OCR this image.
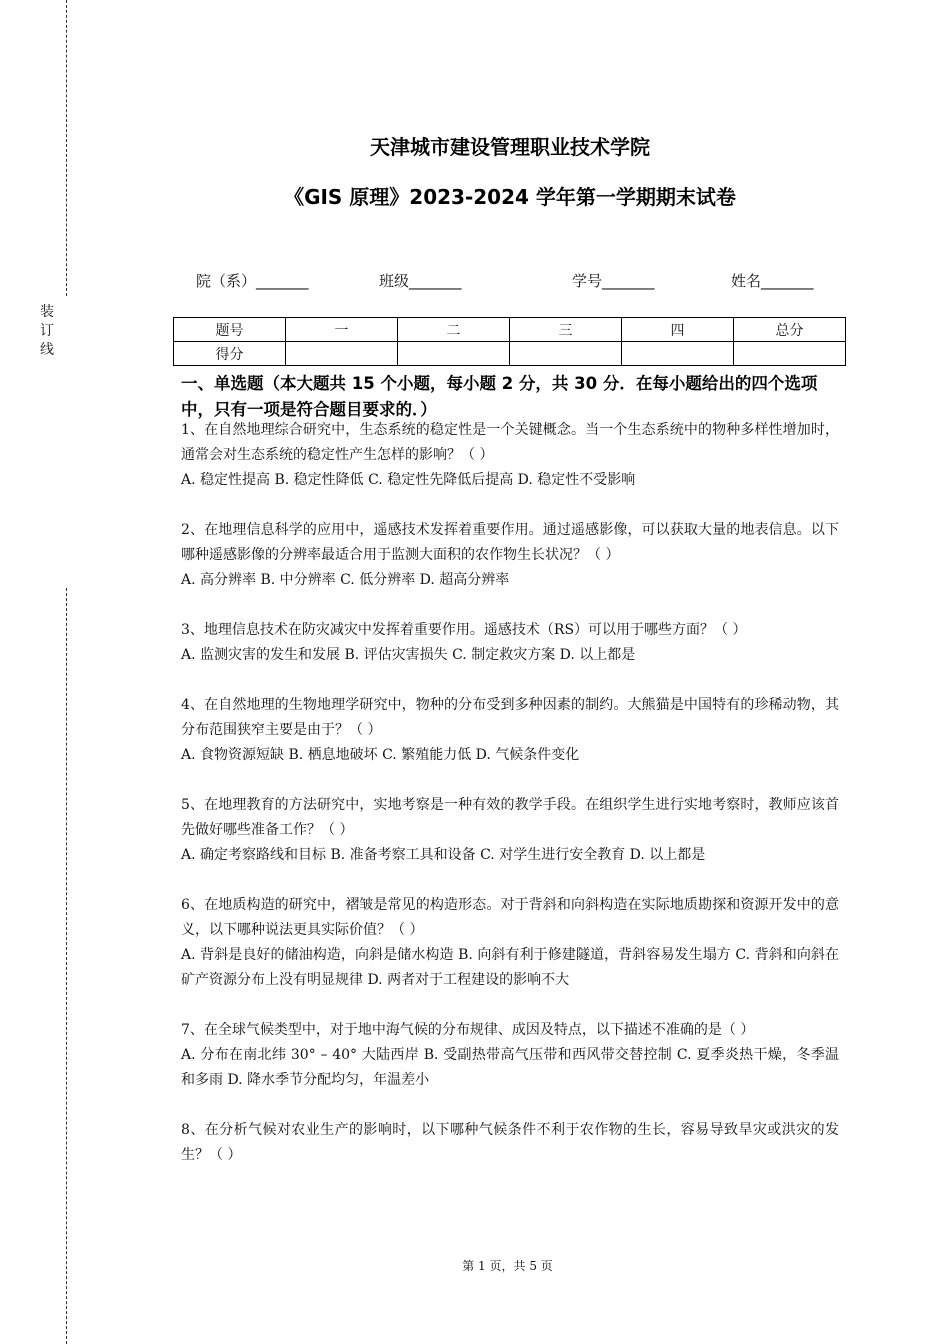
装
订
线
天津城市建设管理职业技术学院
《GIS 原理》2023-2024 学年第一学期期末试卷
院（系）_______	班级_______	学号_______	姓名_______
题号	一	二	三	四	总分
得分					
一、单选题（本大题共 15 个小题，每小题 2 分，共 30 分．在每小题给出的四个选项中，只有一项是符合题目要求的．）

1、在自然地理综合研究中，生态系统的稳定性是一个关键概念。当一个生态系统中的物种多样性增加时，通常会对生态系统的稳定性产生怎样的影响？（ ）

A. 稳定性提高 B. 稳定性降低 C. 稳定性先降低后提高 D. 稳定性不受影响

2、在地理信息科学的应用中，遥感技术发挥着重要作用。通过遥感影像，可以获取大量的地表信息。以下哪种遥感影像的分辨率最适合用于监测大面积的农作物生长状况？（ ）

A. 高分辨率 B. 中分辨率 C. 低分辨率 D. 超高分辨率

3、地理信息技术在防灾减灾中发挥着重要作用。遥感技术（RS）可以用于哪些方面？（ ）

A. 监测灾害的发生和发展 B. 评估灾害损失 C. 制定救灾方案 D. 以上都是

4、在自然地理的生物地理学研究中，物种的分布受到多种因素的制约。大熊猫是中国特有的珍稀动物，其分布范围狭窄主要是由于？（ ）

A. 食物资源短缺 B. 栖息地破坏 C. 繁殖能力低 D. 气候条件变化

5、在地理教育的方法研究中，实地考察是一种有效的教学手段。在组织学生进行实地考察时，教师应该首先做好哪些准备工作？（ ）

A. 确定考察路线和目标 B. 准备考察工具和设备 C. 对学生进行安全教育 D. 以上都是

6、在地质构造的研究中，褶皱是常见的构造形态。对于背斜和向斜构造在实际地质勘探和资源开发中的意义，以下哪种说法更具实际价值？（ ）

A. 背斜是良好的储油构造，向斜是储水构造 B. 向斜有利于修建隧道，背斜容易发生塌方 C. 背斜和向斜在矿产资源分布上没有明显规律 D. 两者对于工程建设的影响不大

7、在全球气候类型中，对于地中海气候的分布规律、成因及特点，以下描述不准确的是（ ）

A. 分布在南北纬 30° – 40° 大陆西岸 B. 受副热带高气压带和西风带交替控制 C. 夏季炎热干燥，冬季温和多雨 D. 降水季节分配均匀，年温差小

8、在分析气候对农业生产的影响时，以下哪种气候条件不利于农作物的生长，容易导致旱灾或洪灾的发生？（ ）

第 1 页，共 5 页
